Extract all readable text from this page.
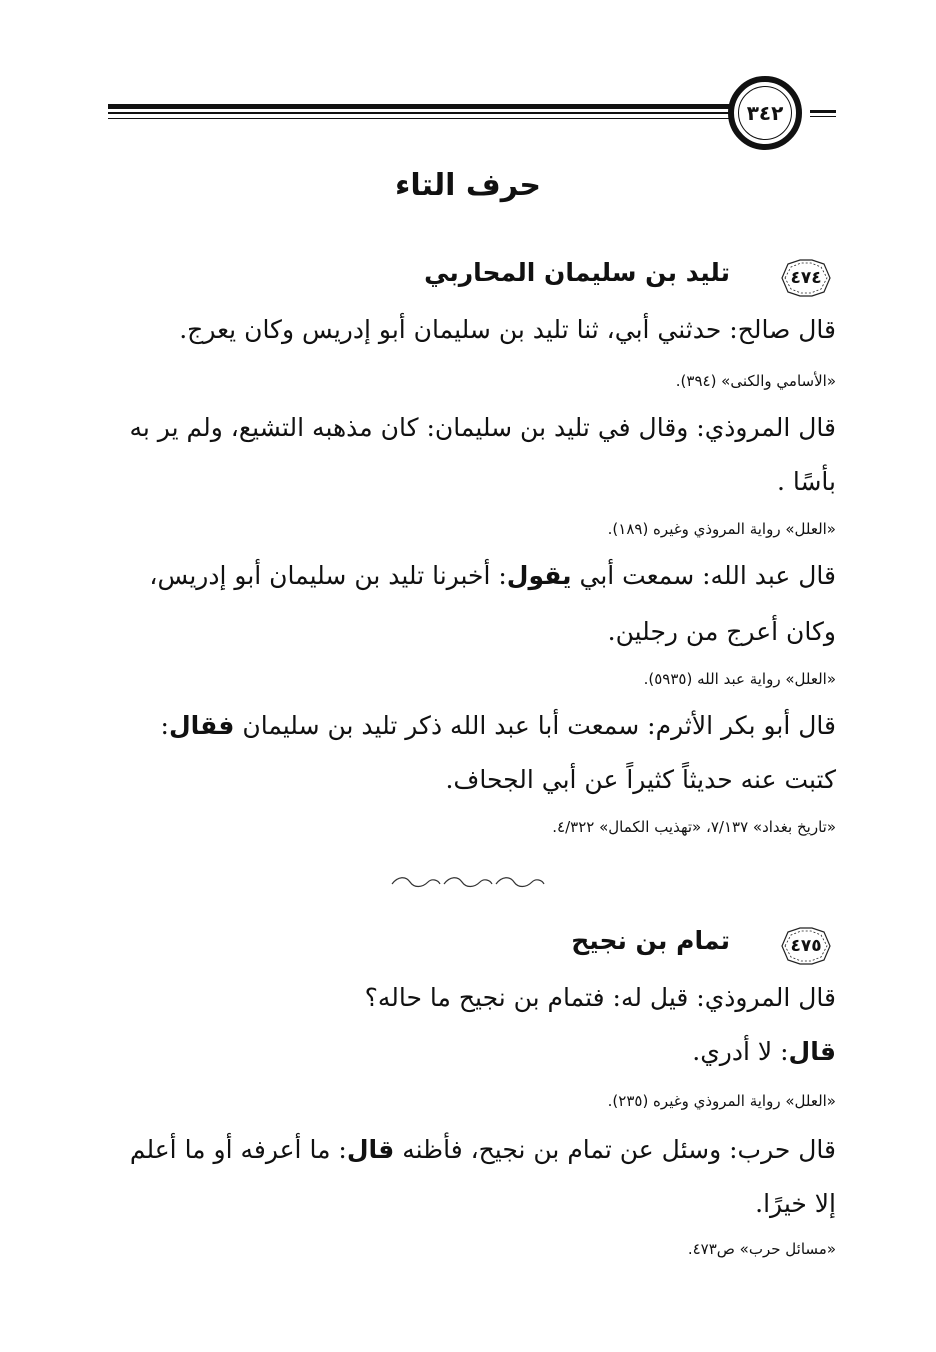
٣٤٢
حرف التاء
٤٧٤
تليد بن سليمان المحاربي
قال صالح: حدثني أبي، ثنا تليد بن سليمان أبو إدريس وكان يعرج.
«الأسامي والكنى» (٣٩٤).
قال المروذي: وقال في تليد بن سليمان: كان مذهبه التشيع، ولم ير به
بأسًا .
«العلل» رواية المروذي وغيره (١٨٩).
قال عبد الله: سمعت أبي يقول: أخبرنا تليد بن سليمان أبو إدريس،
وكان أعرج من رجلين.
«العلل» رواية عبد الله (٥٩٣٥).
قال أبو بكر الأثرم: سمعت أبا عبد الله ذكر تليد بن سليمان فقال:
كتبت عنه حديثاً كثيراً عن أبي الجحاف.
«تاريخ بغداد» ٧/١٣٧، «تهذيب الكمال» ٤/٣٢٢.
٤٧٥
تمام بن نجيح
قال المروذي: قيل له: فتمام بن نجيح ما حاله؟
قال: لا أدري.
«العلل» رواية المروذي وغيره (٢٣٥).
قال حرب: وسئل عن تمام بن نجيح، فأظنه قال: ما أعرفه أو ما أعلم
إلا خيرًا.
«مسائل حرب» ص٤٧٣.
